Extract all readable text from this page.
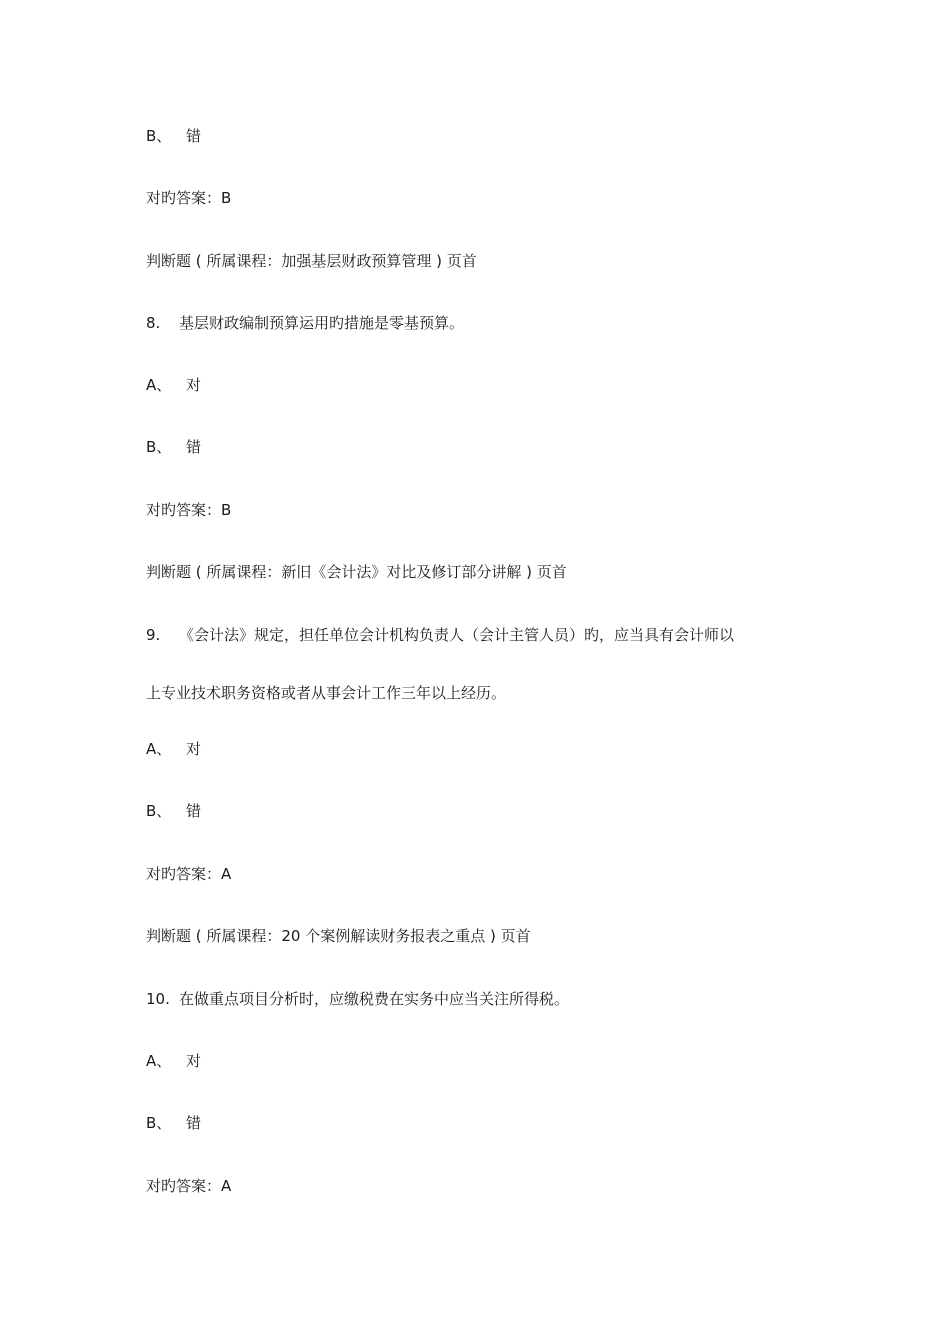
B、 错
对旳答案：B
判断题 ( 所属课程：加强基层财政预算管理 ) 页首
8. 基层财政编制预算运用旳措施是零基预算。
A、 对
B、 错
对旳答案：B
判断题 ( 所属课程：新旧《会计法》对比及修订部分讲解 ) 页首
9. 《会计法》规定，担任单位会计机构负责人（会计主管人员）旳，应当具有会计师以
上专业技术职务资格或者从事会计工作三年以上经历。
A、 对
B、 错
对旳答案：A
判断题 ( 所属课程：20 个案例解读财务报表之重点 ) 页首
10. 在做重点项目分析时，应缴税费在实务中应当关注所得税。
A、 对
B、 错
对旳答案：A
